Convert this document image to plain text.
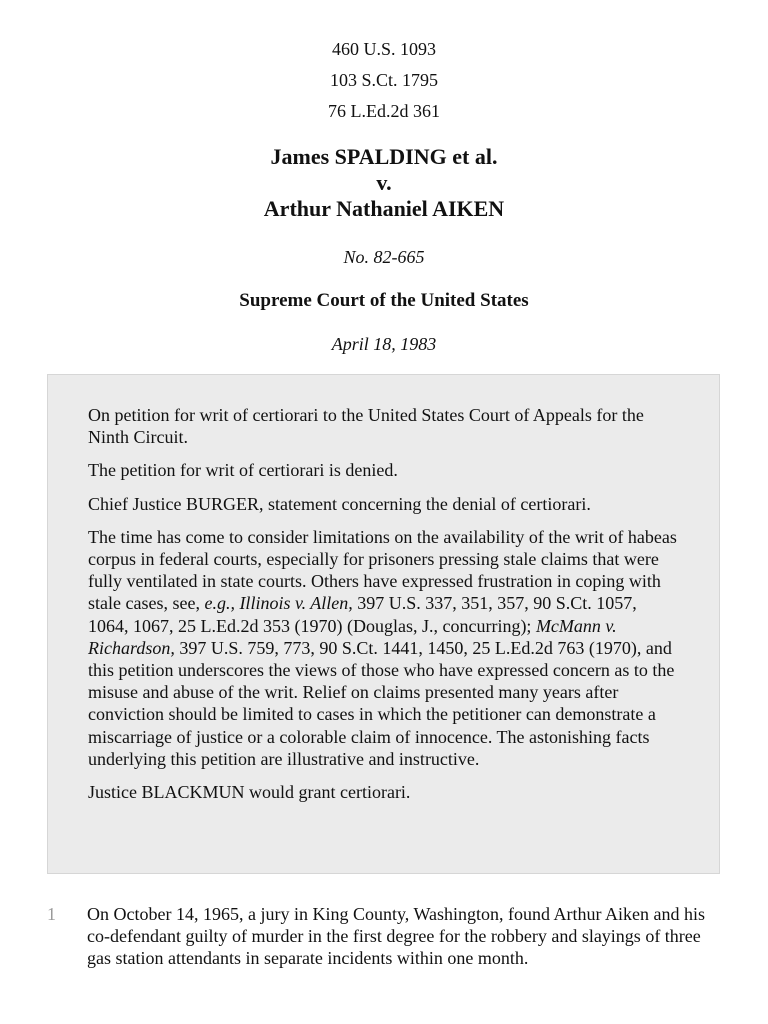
460 U.S. 1093
103 S.Ct. 1795
76 L.Ed.2d 361
James SPALDING et al.
v.
Arthur Nathaniel AIKEN
No. 82-665
Supreme Court of the United States
April 18, 1983

On petition for writ of certiorari to the United States Court of Appeals for the Ninth Circuit.

The petition for writ of certiorari is denied.

Chief Justice BURGER, statement concerning the denial of certiorari.

The time has come to consider limitations on the availability of the writ of habeas corpus in federal courts, especially for prisoners pressing stale claims that were fully ventilated in state courts. Others have expressed frustration in coping with stale cases, see, e.g., Illinois v. Allen, 397 U.S. 337, 351, 357, 90 S.Ct. 1057, 1064, 1067, 25 L.Ed.2d 353 (1970) (Douglas, J., concurring); McMann v. Richardson, 397 U.S. 759, 773, 90 S.Ct. 1441, 1450, 25 L.Ed.2d 763 (1970), and this petition underscores the views of those who have expressed concern as to the misuse and abuse of the writ. Relief on claims presented many years after conviction should be limited to cases in which the petitioner can demonstrate a miscarriage of justice or a colorable claim of innocence. The astonishing facts underlying this petition are illustrative and instructive.

Justice BLACKMUN would grant certiorari.

1 On October 14, 1965, a jury in King County, Washington, found Arthur Aiken and his co-defendant guilty of murder in the first degree for the robbery and slayings of three gas station attendants in separate incidents within one month.
